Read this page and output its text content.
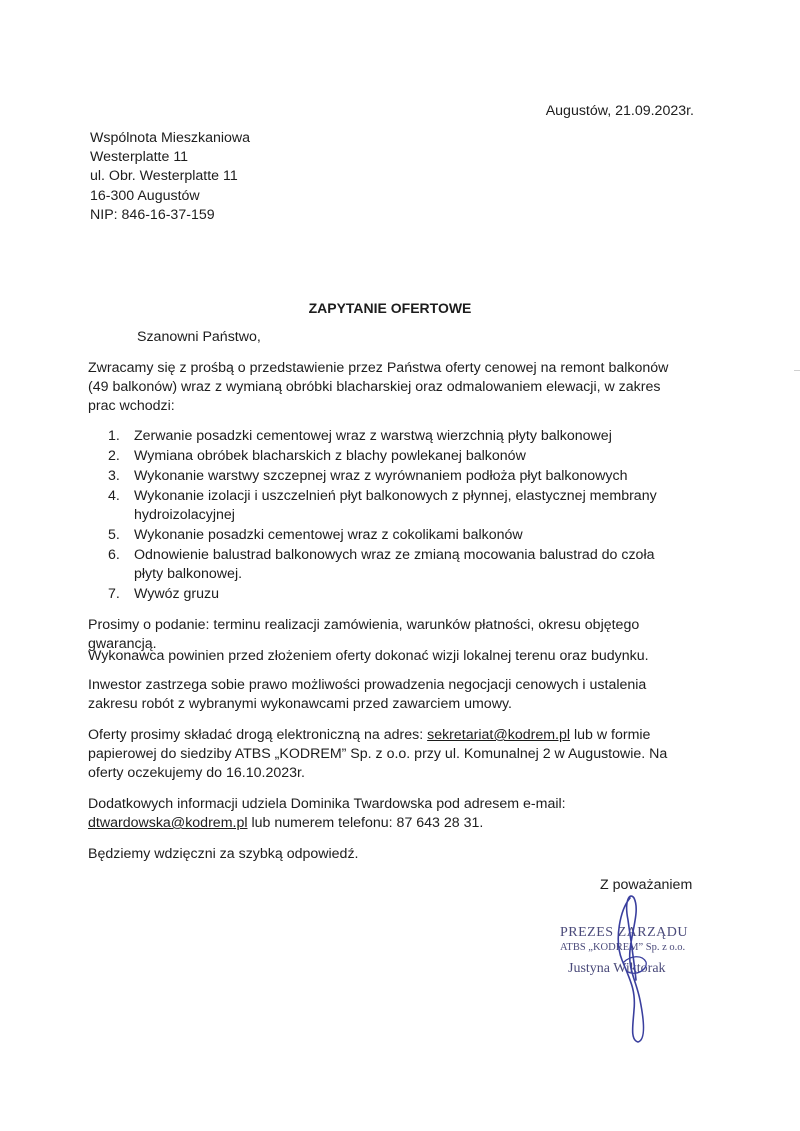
Augustów, 21.09.2023r.
Wspólnota Mieszkaniowa
Westerplatte 11
ul. Obr. Westerplatte 11
16-300 Augustów
NIP: 846-16-37-159
ZAPYTANIE OFERTOWE
Szanowni Państwo,
Zwracamy się z prośbą o przedstawienie przez Państwa oferty cenowej na remont balkonów (49 balkonów) wraz z wymianą obróbki blacharskiej oraz odmalowaniem elewacji, w zakres prac wchodzi:
1. Zerwanie posadzki cementowej wraz z warstwą wierzchnią płyty balkonowej
2. Wymiana obróbek blacharskich z blachy powlekanej balkonów
3. Wykonanie warstwy szczepnej wraz z wyrównaniem podłoża płyt balkonowych
4. Wykonanie izolacji i uszczelnień płyt balkonowych z płynnej, elastycznej membrany hydroizolacyjnej
5. Wykonanie posadzki cementowej wraz z cokolikami balkonów
6. Odnowienie balustrad balkonowych wraz ze zmianą mocowania balustrad do czoła płyty balkonowej.
7. Wywóz gruzu
Prosimy o podanie: terminu realizacji zamówienia, warunków płatności, okresu objętego gwarancją.
Wykonawca powinien przed złożeniem oferty dokonać wizji lokalnej terenu oraz budynku.
Inwestor zastrzega sobie prawo możliwości prowadzenia negocjacji cenowych i ustalenia zakresu robót z wybranymi wykonawcami przed zawarciem umowy.
Oferty prosimy składać drogą elektroniczną na adres: sekretariat@kodrem.pl lub w formie papierowej do siedziby ATBS „KODREM” Sp. z o.o. przy ul. Komunalnej 2 w Augustowie. Na oferty oczekujemy do 16.10.2023r.
Dodatkowych informacji udziela Dominika Twardowska pod adresem e-mail: dtwardowska@kodrem.pl lub numerem telefonu: 87 643 28 31.
Będziemy wdzięczni za szybką odpowiedź.
Z poważaniem
PREZES ZARZĄDU
ATBS „KODREM” Sp. z o.o.
Justyna Wiktorak
